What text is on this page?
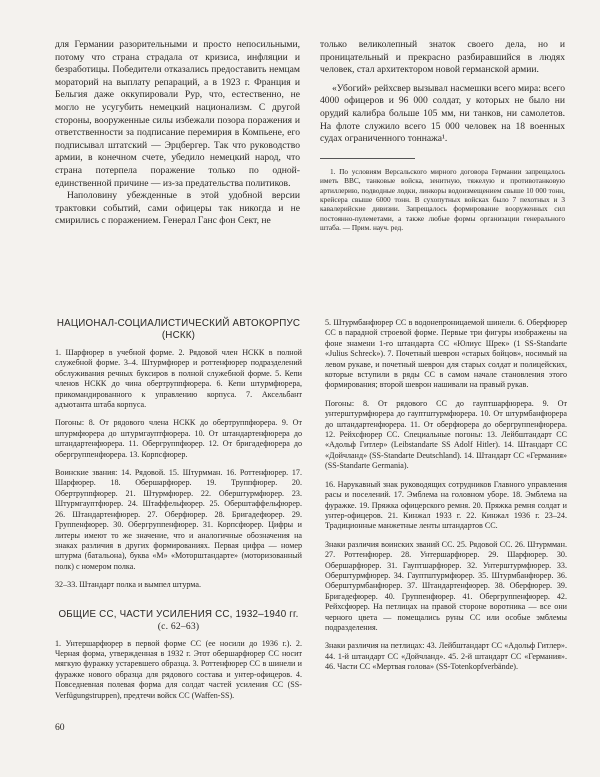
для Германии разорительными и просто непосильными, потому что страна страдала от кризиса, инфляции и безработицы. Победители отказались предоставить немцам мораторий на выплату репараций, а в 1923 г. Франция и Бельгия даже оккупировали Рур, что, естественно, не могло не усугубить немецкий национализм. С другой стороны, вооруженные силы избежали позора поражения и ответственности за подписание перемирия в Компьене, его подписывал штатский — Эрцбергер. Так что руководство армии, в конечном счете, убедило немецкий народ, что страна потерпела поражение только по одной-единственной причине — из-за предательства политиков.

Наполовину убежденные в этой удобной версии трактовки событий, сами офицеры так никогда и не смирились с поражением. Генерал Ганс фон Сект, не

только великолепный знаток своего дела, но и проницательный и прекрасно разбиравшийся в людях человек, стал архитектором новой германской армии.

«Убогий» рейхсвер вызывал насмешки всего мира: всего 4000 офицеров и 96 000 солдат, у которых не было ни орудий калибра больше 105 мм, ни танков, ни самолетов. На флоте служило всего 15 000 человек на 18 военных судах ограниченного тоннажа¹.

1. По условиям Версальского мирного договора Германии запрещалось иметь ВВС, танковые войска, зенитную, тяжелую и противотанковую артиллерию, подводные лодки, линкоры водоизмещением свыше 10 000 тонн, крейсера свыше 6000 тонн. В сухопутных войсках было 7 пехотных и 3 кавалерийские дивизии. Запрещалось формирование вооруженных сил постоянно-пулеметами, а также любые формы организации генерального штаба. — Прим. науч. ред.

НАЦИОНАЛ-СОЦИАЛИСТИЧЕСКИЙ АВТОКОРПУС (НСКК)

1. Шарфюрер в учебной форме. 2. Рядовой член НСКК в полной служебной форме. 3–4. Штурмфюрер и роттенфюрер подразделений обслуживания речных буксиров в полной служебной форме. 5. Кепи членов НСКК до чина обертруппфюрера. 6. Кепи штурмфюрера, прикомандированного к управлению корпуса. 7. Аксельбант адъютанта штаба корпуса.

Погоны: 8. От рядового члена НСКК до обертруппфюрера. 9. От штурмфюрера до штурмгауптфюрера. 10. От штандартенфюрера до штандартенфюрера. 11. Обергруппфюрер. 12. От бригадефюрера до обергруппенфюрера. 13. Корпсфюрер.

Воинские звания: 14. Рядовой. 15. Штурмман. 16. Роттенфюрер. 17. Шарфюрер. 18. Обершарфюрер. 19. Труппфюрер. 20. Обертруппфюрер. 21. Штурмфюрер. 22. Оберштурмфюрер. 23. Штурмгауптфюрер. 24. Штаффельфюрер. 25. Оберштаффельфюрер. 26. Штандартенфюрер. 27. Оберфюрер. 28. Бригадефюрер. 29. Группенфюрер. 30. Обергруппенфюрер. 31. Корпсфюрер. Цифры и литеры имеют то же значение, что и аналогичные обозначения на знаках различия в других формированиях. Первая цифра — номер штурма (батальона), буква «М» «Моторштандарте» (моторизованный полк) с номером полка.

32–33. Штандарт полка и вымпел штурма.

ОБЩИЕ СС, ЧАСТИ УСИЛЕНИЯ СС, 1932–1940 гг.
(с. 62–63)

1. Унтершарфюрер в первой форме СС (ее носили до 1936 г.). 2. Черная форма, утвержденная в 1932 г. Этот обершарфюрер СС носит мягкую фуражку устаревшего образца. 3. Роттенфюрер СС в шинели и фуражке нового образца для рядового состава и унтер-офицеров. 4. Повседневная полевая форма для солдат частей усиления СС (SS-Verfügungstruppen), предтечи войск СС (Waffen-SS).

5. Штурмбанфюрер СС в водонепроницаемой шинели. 6. Оберфюрер СС в парадной строевой форме. Первые три фигуры изображены на фоне знамени 1-го штандарта СС «Юлиус Шрек» (1 SS-Standarte «Julius Schreck»). 7. Почетный шеврон «старых бойцов», носимый на левом рукаве, и почетный шеврон для старых солдат и полицейских, которые вступили в ряды СС в самом начале становления этого формирования; второй шеврон нашивали на правый рукав.

Погоны: 8. От рядового СС до гауптшарфюрера. 9. От унтерштурмфюрера до гауптштурмфюрера. 10. От штурмбанфюрера до штандартенфюрера. 11. От оберфюрера до обергруппенфюрера. 12. Рейхсфюрер СС. Специальные погоны: 13. Лейбштандарт СС «Адольф Гитлер» (Leibstandarte SS Adolf Hitler). 14. Штандарт СС «Дойчланд» (SS-Standarte Deutschland). 14. Штандарт СС «Германия» (SS-Standarte Germania).

16. Нарукавный знак руководящих сотрудников Главного управления расы и поселений. 17. Эмблема на головном уборе. 18. Эмблема на фуражке. 19. Пряжка офицерского ремня. 20. Пряжка ремня солдат и унтер-офицеров. 21. Кинжал 1933 г. 22. Кинжал 1936 г. 23–24. Традиционные манжетные ленты штандартов СС.

Знаки различия воинских званий СС. 25. Рядовой СС. 26. Штурмман. 27. Роттенфюрер. 28. Унтершарфюрер. 29. Шарфюрер. 30. Обершарфюрер. 31. Гауптшарфюрер. 32. Унтерштурмфюрер. 33. Оберштурмфюрер. 34. Гауптштурмфюрер. 35. Штурмбанфюрер. 36. Оберштурмбанфюрер. 37. Штандартенфюрер. 38. Оберфюрер. 39. Бригадефюрер. 40. Группенфюрер. 41. Обергруппенфюрер. 42. Рейхсфюрер. На петлицах на правой стороне воротника — все они черного цвета — помещались руны СС или особые эмблемы подразделения.

Знаки различия на петлицах: 43. Лейбштандарт СС «Адольф Гитлер». 44. 1-й штандарт СС «Дойчланд». 45. 2-й штандарт СС «Германия». 46. Части СС «Мертвая голова» (SS-Totenkopfverbände).

60
